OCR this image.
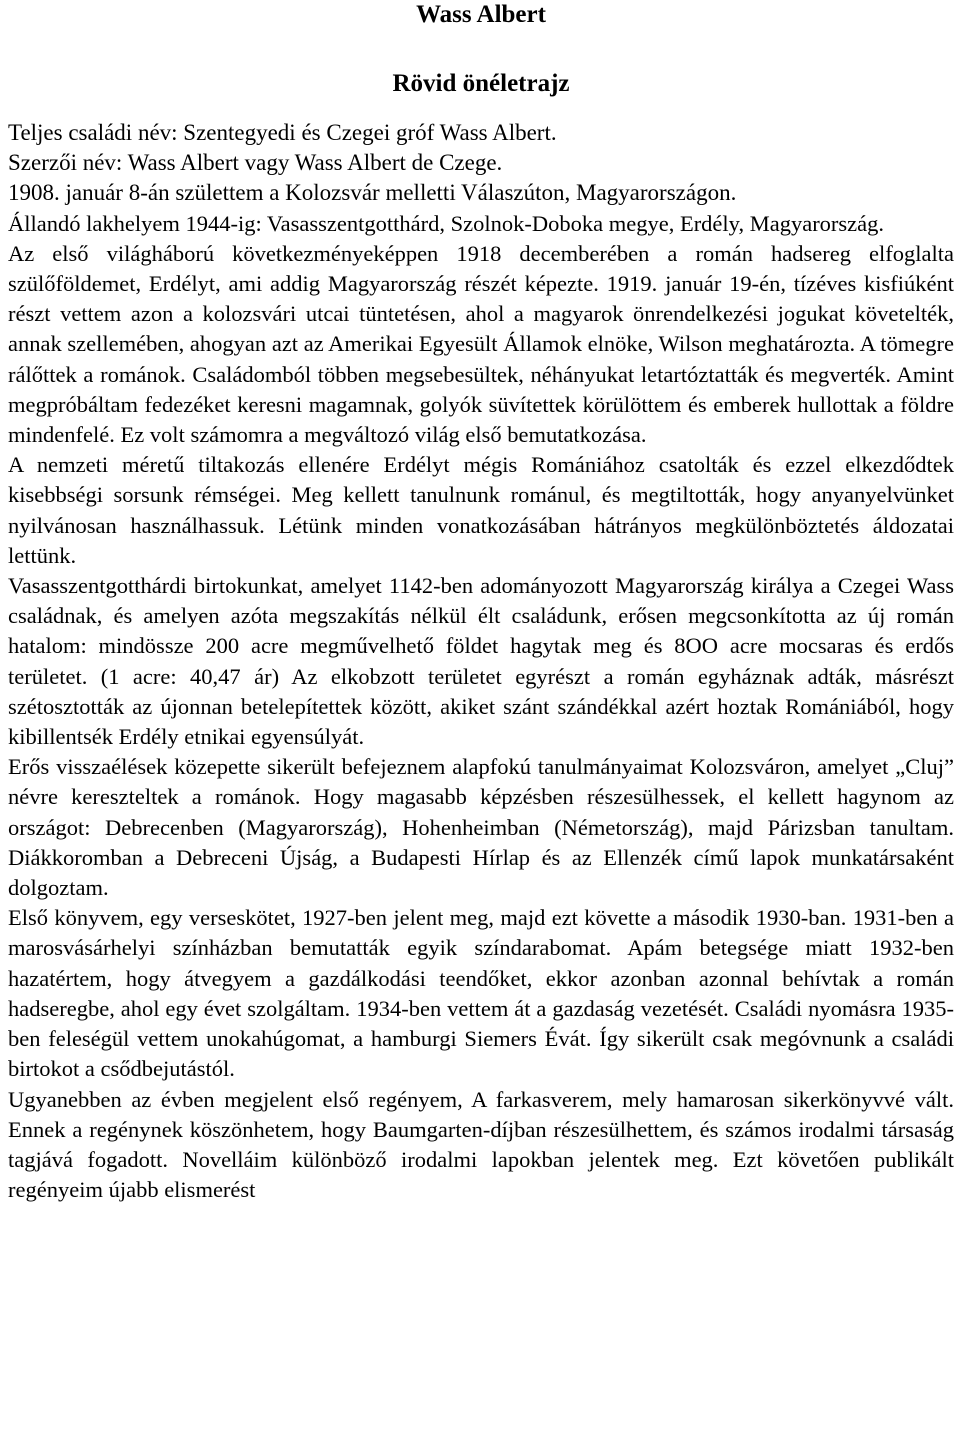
Wass Albert
Rövid önéletrajz

Teljes családi név: Szentegyedi és Czegei gróf Wass Albert.

Szerzői név: Wass Albert vagy Wass Albert de Czege.

1908. január 8-án születtem a Kolozsvár melletti Válaszúton, Magyarországon.

Állandó lakhelyem 1944-ig: Vasasszentgotthárd, Szolnok-Doboka megye, Erdély, Magyarország.

Az első világháború következményeképpen 1918 decemberében a román hadsereg elfoglalta szülőföldemet, Erdélyt, ami addig Magyarország részét képezte. 1919. január 19-én, tízéves kisfiúként részt vettem azon a kolozsvári utcai tüntetésen, ahol a magyarok önrendelkezési jogukat követelték, annak szellemében, ahogyan azt az Amerikai Egyesült Államok elnöke, Wilson meghatározta. A tömegre rálőttek a románok. Családomból többen megsebesültek, néhányukat letartóztatták és megverték. Amint megpróbáltam fedezéket keresni magamnak, golyók süvítettek körülöttem és emberek hullottak a földre mindenfelé. Ez volt számomra a megváltozó világ első bemutatkozása.

A nemzeti méretű tiltakozás ellenére Erdélyt mégis Romániához csatolták és ezzel elkezdődtek kisebbségi sorsunk rémségei. Meg kellett tanulnunk románul, és megtiltották, hogy anyanyelvünket nyilvánosan használhassuk. Létünk minden vonatkozásában hátrányos megkülönböztetés áldozatai lettünk.

Vasasszentgotthárdi birtokunkat, amelyet 1142-ben adományozott Magyarország királya a Czegei Wass családnak, és amelyen azóta megszakítás nélkül élt családunk, erősen megcsonkította az új román hatalom: mindössze 200 acre megművelhető földet hagytak meg és 8OO acre mocsaras és erdős területet. (1 acre: 40,47 ár) Az elkobzott területet egyrészt a román egyháznak adták, másrészt szétosztották az újonnan betelepítettek között, akiket szánt szándékkal azért hoztak Romániából, hogy kibillentsék Erdély etnikai egyensúlyát.

Erős visszaélések közepette sikerült befejeznem alapfokú tanulmányaimat Kolozsváron, amelyet „Cluj” névre kereszteltek a románok. Hogy magasabb képzésben részesülhessek, el kellett hagynom az országot: Debrecenben (Magyarország), Hohenheimban (Németország), majd Párizsban tanultam. Diákkoromban a Debreceni Újság, a Budapesti Hírlap és az Ellenzék című lapok munkatársaként dolgoztam.

Első könyvem, egy verseskötet, 1927-ben jelent meg, majd ezt követte a második 1930-ban. 1931-ben a marosvásárhelyi színházban bemutatták egyik színdarabomat. Apám betegsége miatt 1932-ben hazatértem, hogy átvegyem a gazdálkodási teendőket, ekkor azonban azonnal behívtak a román hadseregbe, ahol egy évet szolgáltam. 1934-ben vettem át a gazdaság vezetését. Családi nyomásra 1935-ben feleségül vettem unokahúgomat, a hamburgi Siemers Évát. Így sikerült csak megóvnunk a családi birtokot a csődbejutástól.

Ugyanebben az évben megjelent első regényem, A farkasverem, mely hamarosan sikerkönyvvé vált. Ennek a regénynek köszönhetem, hogy Baumgarten-díjban részesülhettem, és számos irodalmi társaság tagjává fogadott. Novelláim különböző irodalmi lapokban jelentek meg. Ezt követően publikált regényeim újabb elismerést
